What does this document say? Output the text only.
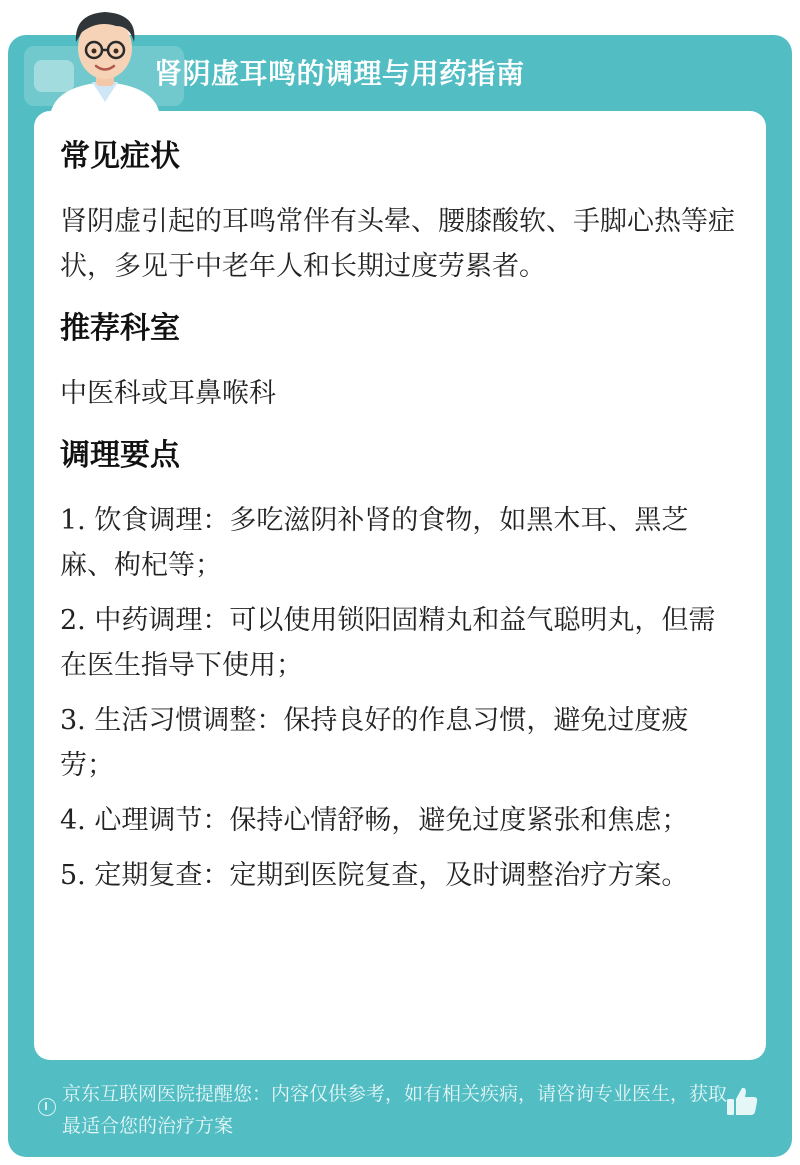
肾阴虚耳鸣的调理与用药指南
常见症状

肾阴虚引起的耳鸣常伴有头晕、腰膝酸软、手脚心热等症状，多见于中老年人和长期过度劳累者。

推荐科室

中医科或耳鼻喉科

调理要点
1. 饮食调理：多吃滋阴补肾的食物，如黑木耳、黑芝麻、枸杞等；
2. 中药调理：可以使用锁阳固精丸和益气聪明丸，但需在医生指导下使用；
3. 生活习惯调整：保持良好的作息习惯，避免过度疲劳；
4. 心理调节：保持心情舒畅，避免过度紧张和焦虑；
5. 定期复查：定期到医院复查，及时调整治疗方案。
京东互联网医院提醒您：内容仅供参考，如有相关疾病，请咨询专业医生，获取最适合您的治疗方案
